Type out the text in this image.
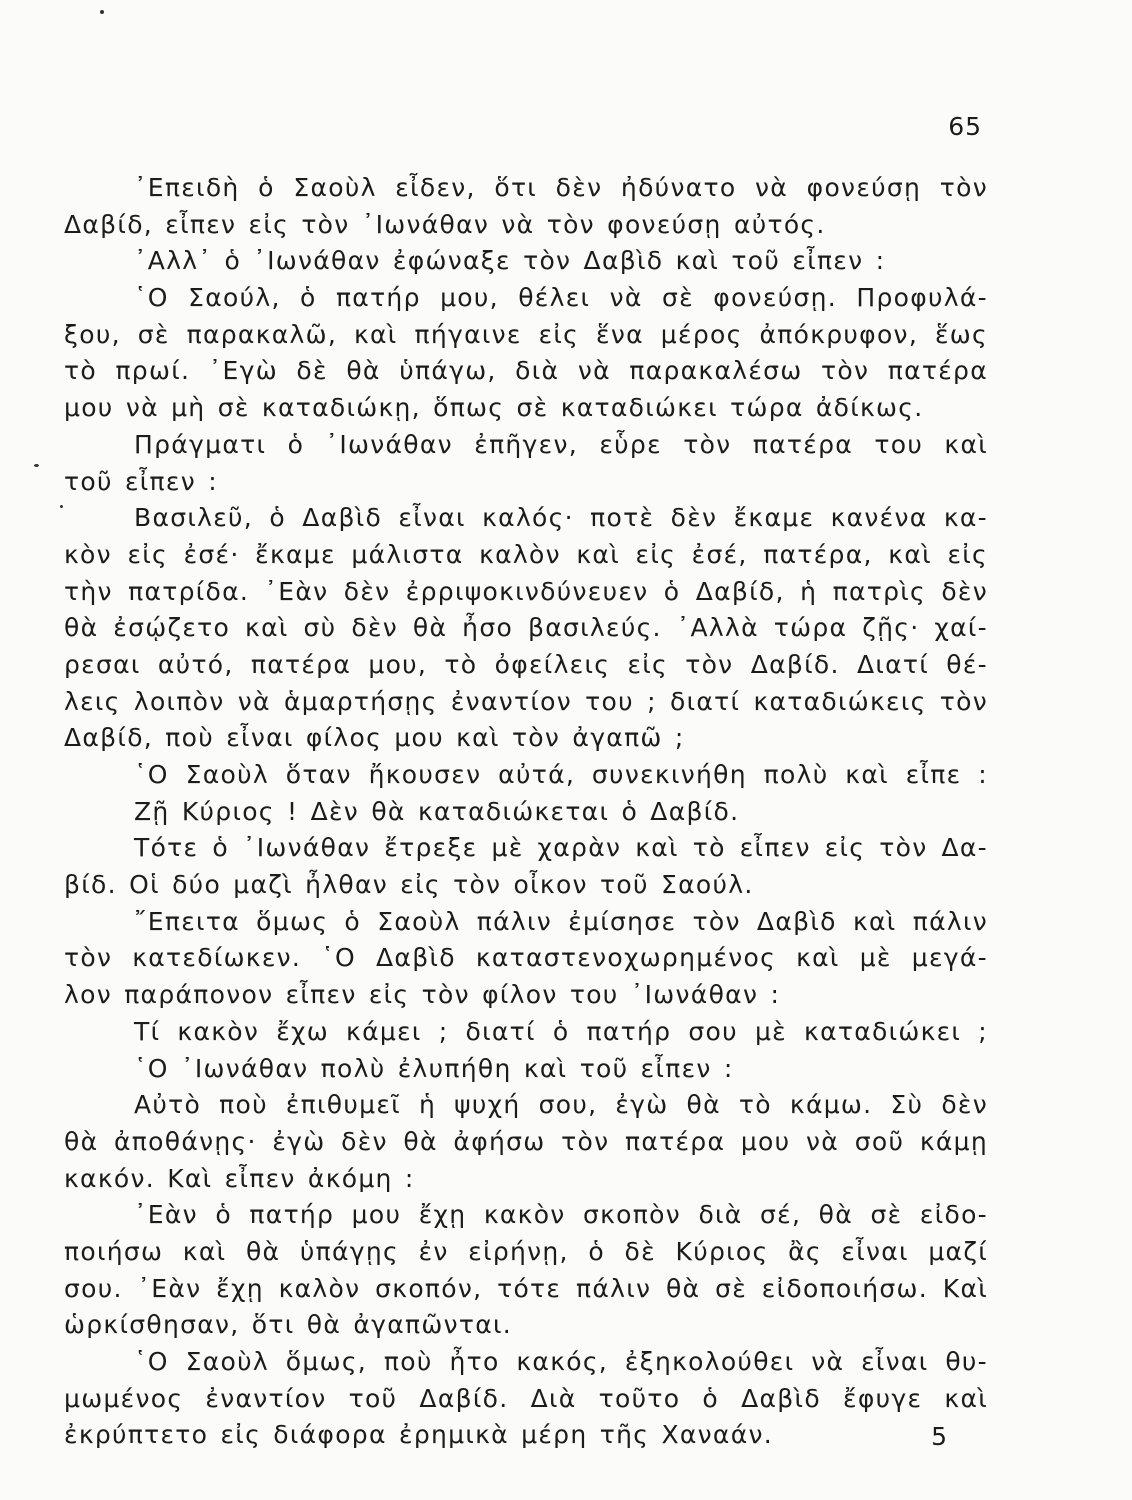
65
᾿Επειδὴ ὁ Σαοὺλ εἶδεν, ὅτι δὲν ἠδύνατο νὰ φονεύσῃ τὸν
Δαβίδ, εἶπεν εἰς τὸν ᾿Ιωνάθαν νὰ τὸν φονεύσῃ αὐτός.
᾿Αλλ᾿ ὁ ᾿Ιωνάθαν ἐφώναξε τὸν Δαβὶδ καὶ τοῦ εἶπεν :
῾Ο Σαούλ, ὁ πατήρ μου, θέλει νὰ σὲ φονεύσῃ. Προφυλά-
ξου, σὲ παρακαλῶ, καὶ πήγαινε εἰς ἕνα μέρος ἀπόκρυφον, ἕως
τὸ πρωί. ᾿Εγὼ δὲ θὰ ὑπάγω, διὰ νὰ παρακαλέσω τὸν πατέρα
μου νὰ μὴ σὲ καταδιώκῃ, ὅπως σὲ καταδιώκει τώρα ἀδίκως.
Πράγματι ὁ ᾿Ιωνάθαν ἐπῆγεν, εὗρε τὸν πατέρα του καὶ
τοῦ εἶπεν :
Βασιλεῦ, ὁ Δαβὶδ εἶναι καλός· ποτὲ δὲν ἔκαμε κανένα κα-
κὸν εἰς ἐσέ· ἔκαμε μάλιστα καλὸν καὶ εἰς ἐσέ, πατέρα, καὶ εἰς
τὴν πατρίδα. ᾿Εὰν δὲν ἐρριψοκινδύνευεν ὁ Δαβίδ, ἡ πατρὶς δὲν
θὰ ἐσῴζετο καὶ σὺ δὲν θὰ ἦσο βασιλεύς. ᾿Αλλὰ τώρα ζῇς· χαί-
ρεσαι αὐτό, πατέρα μου, τὸ ὀφείλεις εἰς τὸν Δαβίδ. Διατί θέ-
λεις λοιπὸν νὰ ἁμαρτήσῃς ἐναντίον του ; διατί καταδιώκεις τὸν
Δαβίδ, ποὺ εἶναι φίλος μου καὶ τὸν ἀγαπῶ ;
῾Ο Σαοὺλ ὅταν ἤκουσεν αὐτά, συνεκινήθη πολὺ καὶ εἶπε :
Ζῇ Κύριος ! Δὲν θὰ καταδιώκεται ὁ Δαβίδ.
Τότε ὁ ᾿Ιωνάθαν ἔτρεξε μὲ χαρὰν καὶ τὸ εἶπεν εἰς τὸν Δα-
βίδ. Οἱ δύο μαζὶ ἦλθαν εἰς τὸν οἶκον τοῦ Σαούλ.
῎Επειτα ὅμως ὁ Σαοὺλ πάλιν ἐμίσησε τὸν Δαβὶδ καὶ πάλιν
τὸν κατεδίωκεν. ῾Ο Δαβὶδ καταστενοχωρημένος καὶ μὲ μεγά-
λον παράπονον εἶπεν εἰς τὸν φίλον του ᾿Ιωνάθαν :
Τί κακὸν ἔχω κάμει ; διατί ὁ πατήρ σου μὲ καταδιώκει ;
῾Ο ᾿Ιωνάθαν πολὺ ἐλυπήθη καὶ τοῦ εἶπεν :
Αὐτὸ ποὺ ἐπιθυμεῖ ἡ ψυχή σου, ἐγὼ θὰ τὸ κάμω. Σὺ δὲν
θὰ ἀποθάνῃς· ἐγὼ δὲν θὰ ἀφήσω τὸν πατέρα μου νὰ σοῦ κάμῃ
κακόν. Καὶ εἶπεν ἀκόμη :
᾿Εὰν ὁ πατήρ μου ἔχῃ κακὸν σκοπὸν διὰ σέ, θὰ σὲ εἰδο-
ποιήσω καὶ θὰ ὑπάγῃς ἐν εἰρήνῃ, ὁ δὲ Κύριος ἂς εἶναι μαζί
σου. ᾿Εὰν ἔχῃ καλὸν σκοπόν, τότε πάλιν θὰ σὲ εἰδοποιήσω. Καὶ
ὡρκίσθησαν, ὅτι θὰ ἀγαπῶνται.
῾Ο Σαοὺλ ὅμως, ποὺ ἦτο κακός, ἐξηκολούθει νὰ εἶναι θυ-
μωμένος ἐναντίον τοῦ Δαβίδ. Διὰ τοῦτο ὁ Δαβὶδ ἔφυγε καὶ
ἐκρύπτετο εἰς διάφορα ἐρημικὰ μέρη τῆς Χαναάν.	5
